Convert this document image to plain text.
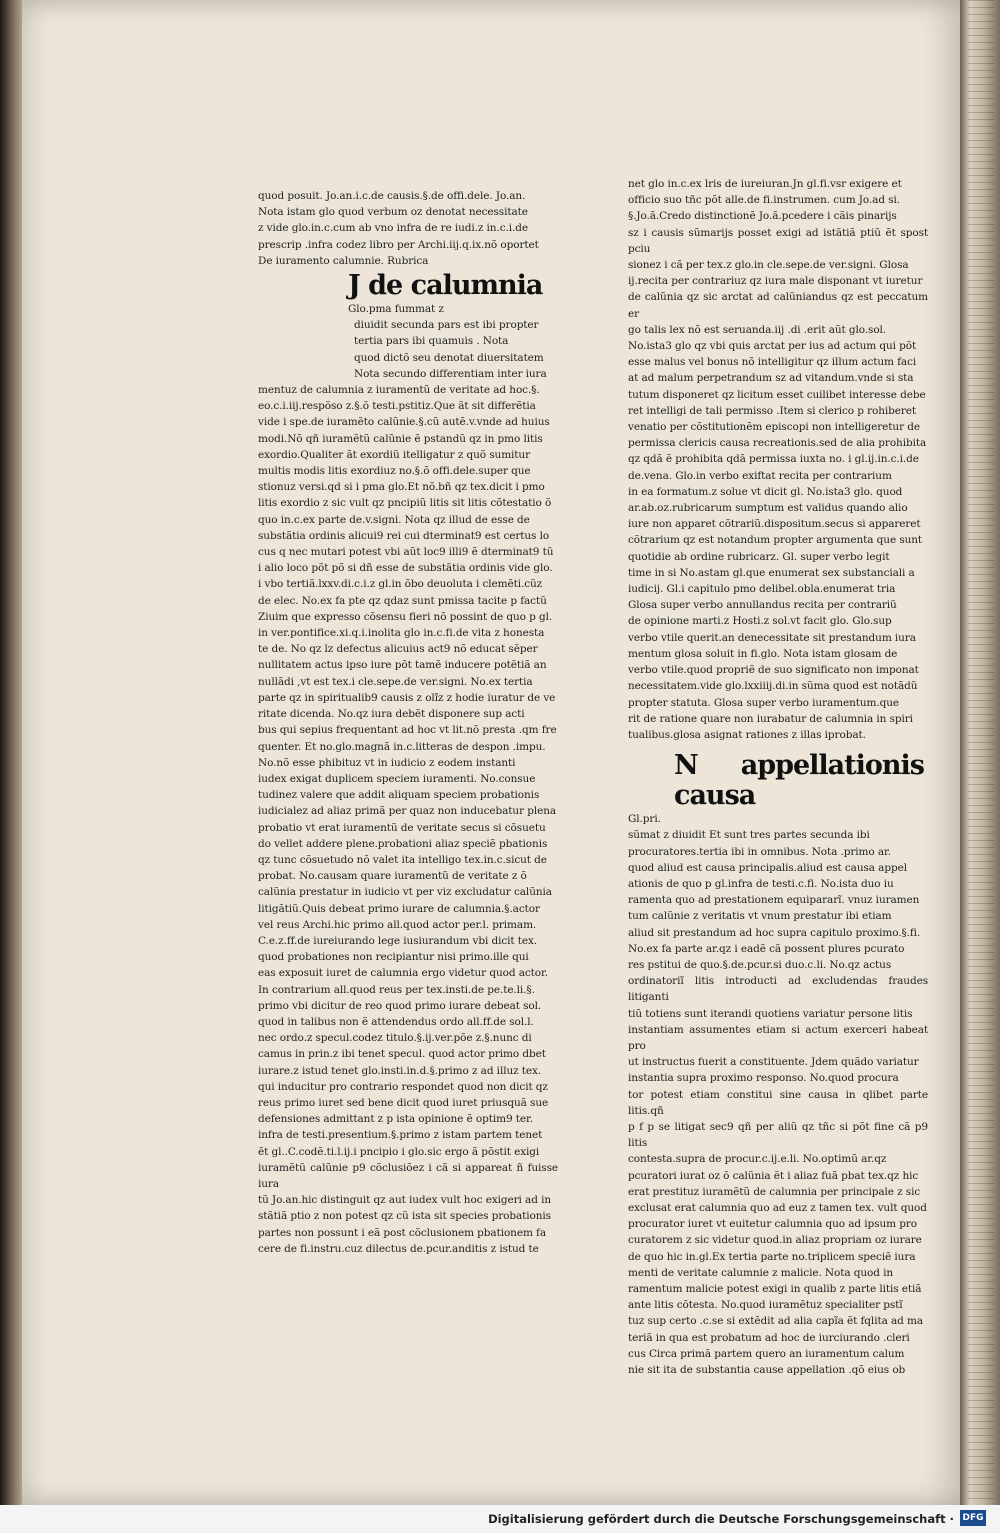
quod posuit. Jo.an.i.c.de causis.§.de offi.dele. Jo.an.

Nota istam glo quod verbum oz denotat necessitate

z vide glo.in.c.cum ab vno infra de re iudi.z in.c.i.de

prescrip .infra codez libro per Archi.iij.q.ix.nõ oportet

De iuramento calumnie. Rubrica

J de calumnia
Glo.pma fummat z

diuidit secunda pars est ibi propter

tertia pars ibi quamuis . Nota

quod dictõ seu denotat diuersitatem

Nota secundo differentiam inter iura

mentuz de calumnia z iuramentũ de veritate ad hoc.§.

eo.c.i.iij.respõso z.§.õ testi.pstitiz.Que ãt sit differẽtia

vide i spe.de iuramẽto calũnie.§.cũ autẽ.v.vnde ad huius

modi.Nõ qñ iuramẽtũ calũnie ẽ pstandũ qz in pmo litis

exordio.Qualiter ãt exordiũ itelligatur z quõ sumitur

multis modis litis exordiuz no.§.õ offi.dele.super que

stionuz versi.qd si i pma glo.Et nõ.bñ qz tex.dicit i pmo

litis exordio z sic vult qz pncipiũ litis sit litis cõtestatio õ

quo in.c.ex parte de.v.signi. Nota qz illud de esse de

substãtia ordinis alicui9 rei cui dterminat9 est certus lo

cus q nec mutari potest vbi aũt loc9 illi9 ẽ dterminat9 tũ

i alio loco põt põ si dñ esse de substãtia ordinis vide glo.

i vbo tertiã.lxxv.di.c.i.z gl.in õbo deuoluta i clemẽti.cũz

de elec. No.ex fa pte qz qdaz sunt pmissa tacite p factũ

Ziuim que expresso cõsensu fieri nõ possint de quo p gl.

in ver.pontifice.xi.q.i.inolita glo in.c.fi.de vita z honesta

te de. No qz lz defectus alicuius act9 nõ educat sẽper

nullitatem actus ipso iure põt tamẽ inducere potẽtiã an

nullãdi ,vt est tex.i cle.sepe.de ver.signi. No.ex tertia

parte qz in spiritualib9 causis z olĩz z hodie iuratur de ve

ritate dicenda. No.qz iura debẽt disponere sup acti

bus qui sepius frequentant ad hoc vt lit.nõ presta .qm fre

quenter. Et no.glo.magnã in.c.litteras de despon .impu.

No.nõ esse phibituz vt in iudicio z eodem instanti

iudex exigat duplicem speciem iuramenti. No.consue

tudinez valere que addit aliquam speciem probationis

iudicialez ad aliaz primã per quaz non inducebatur plena

probatio vt erat iuramentũ de veritate secus si cõsuetu

do vellet addere plene.probationi aliaz speciẽ pbationis

qz tunc cõsuetudo nõ valet ita intelligo tex.in.c.sicut de

probat. No.causam quare iuramentũ de veritate z õ

calũnia prestatur in iudicio vt per viz excludatur calũnia

litigãtiũ.Quis debeat primo iurare de calumnia.§.actor

vel reus Archi.hic primo all.quod actor per.l. primam.

C.e.z.ff.de iureiurando lege iusiurandum vbi dicit tex.

quod probationes non recipiantur nisi primo.ille qui

eas exposuit iuret de calumnia ergo videtur quod actor.

In contrarium all.quod reus per tex.insti.de pe.te.li.§.

primo vbi dicitur de reo quod primo iurare debeat sol.

quod in talibus non ẽ attendendus ordo all.ff.de sol.l.

nec ordo.z specul.codez titulo.§.ij.ver.põe z.§.nunc di

camus in prin.z ibi tenet specul. quod actor primo dbet

iurare.z istud tenet glo.insti.in.d.§.primo z ad illuz tex.

qui inducitur pro contrario respondet quod non dicit qz

reus primo iuret sed bene dicit quod iuret priusquã sue

defensiones admittant z p ista opinione ẽ optim9 ter.

infra de testi.presentium.§.primo z istam partem tenet

ẽt gl..C.codẽ.ti.l.ij.i pncipio i glo.sic ergo ã põstit exigi

iuramẽtũ calũnie p9 cõclusiõez i cã si appareat ñ fuisse iura

tũ Jo.an.hic distinguit qz aut iudex vult hoc exigeri ad in

stãtiã ptio z non potest qz cũ ista sit species probationis

partes non possunt i eã post cõclusionem pbationem fa

cere de fi.instru.cuz dilectus de.pcur.anditis z istud te

net glo in.c.ex lris de iureiuran.Jn gl.fi.vsr exigere et

officio suo tñc põt alle.de fi.instrumen. cum Jo.ad si.

§.Jo.ã.Credo distinctionẽ Jo.ã.pcedere i cãis pinarijs

sz i causis sũmarijs posset exigi ad istãtiã ptiũ ẽt spost pciu

sionez i cã per tex.z glo.in cle.sepe.de ver.signi. Glosa

ij.recita per contrariuz qz iura male disponant vt iuretur

de calũnia qz sic arctat ad calũniandus qz est peccatum er

go talis lex nõ est seruanda.iij .di .erit aũt glo.sol.

No.ista3 glo qz vbi quis arctat per ius ad actum qui põt

esse malus vel bonus nõ intelligitur qz illum actum faci

at ad malum perpetrandum sz ad vitandum.vnde si sta

tutum disponeret qz licitum esset cuilibet interesse debe

ret intelligi de tali permisso .Item si clerico p rohiberet

venatio per cõstitutionẽm episcopi non intelligeretur de

permissa clericis causa recreationis.sed de alia prohibita

qz qdã ẽ prohibita qdã permissa iuxta no. i gl.ij.in.c.i.de

de.vena. Glo.in verbo exiftat recita per contrarium

in ea formatum.z solue vt dicit gl. No.ista3 glo. quod

ar.ab.oz.rubricarum sumptum est validus quando alio

iure non apparet cõtrariũ.dispositum.secus si appareret

cõtrarium qz est notandum propter argumenta que sunt

quotidie ab ordine rubricarz. Gl. super verbo legit

time in si No.astam gl.que enumerat sex substanciali a

iudicij. Gl.i capitulo pmo delibel.obla.enumerat tria

Glosa super verbo annullandus recita per contrariũ

de opinione marti.z Hosti.z sol.vt facit glo. Glo.sup

verbo vtile querit.an denecessitate sit prestandum iura

mentum glosa soluit in fi.glo. Nota istam glosam de

verbo vtile.quod propriẽ de suo significato non imponat

necessitatem.vide glo.lxxiiij.di.in sũma quod est notãdũ

propter statuta. Glosa super verbo iuramentum.que

rit de ratione quare non iurabatur de calumnia in spiri

tualibus.glosa asignat rationes z illas iprobat.

N appellationis causa Gl.pri.

sũmat z diuidit Et sunt tres partes secunda ibi

procuratores.tertia ibi in omnibus. Nota .primo ar.

quod aliud est causa principalis.aliud est causa appel

ationis de quo p gl.infra de testi.c.fi. No.ista duo iu

ramenta quo ad prestationem equipararĩ. vnuz iuramen

tum calũnie z veritatis vt vnum prestatur ibi etiam

aliud sit prestandum ad hoc supra capitulo proximo.§.fi.

No.ex fa parte ar.qz i eadẽ cã possent plures pcurato

res pstitui de quo.§.de.pcur.si duo.c.li. No.qz actus

ordinatoriĩ litis introducti ad excludendas fraudes litiganti

tiũ totiens sunt iterandi quotiens variatur persone litis

instantiam assumentes etiam si actum exerceri habeat pro

ut instructus fuerit a constituente. Jdem quãdo variatur

instantia supra proximo responso. No.quod procura

tor potest etiam constitui sine causa in qlibet parte litis.qñ

p f p se litigat sec9 qñ per aliũ qz tñc si põt fine cã p9 litis

contesta.supra de procur.c.ij.e.li. No.optimũ ar.qz

pcuratori iurat oz õ calũnia ẽt i aliaz fuã pbat tex.qz hic

erat prestituz iuramẽtũ de calumnia per principale z sic

exclusat erat calumnia quo ad euz z tamen tex. vult quod

procurator iuret vt euitetur calumnia quo ad ipsum pro

curatorem z sic videtur quod.in aliaz propriam oz iurare

de quo hic in.gl.Ex tertia parte no.triplicem speciẽ iura

menti de veritate calumnie z malicie. Nota quod in

ramentum malicie potest exigi in qualib z parte litis etiã

ante litis cõtesta. No.quod iuramẽtuz specialiter pstĩ

tuz sup certo .c.se si extẽdit ad alia capĩa ẽt fqlita ad ma

teriã in qua est probatum ad hoc de iurciurando .cleri

cus Circa primã partem quero an iuramentum calum

nie sit ita de substantia cause appellation .qõ eius ob

Digitalisierung gefördert durch die Deutsche Forschungsgemeinschaft · DFG
